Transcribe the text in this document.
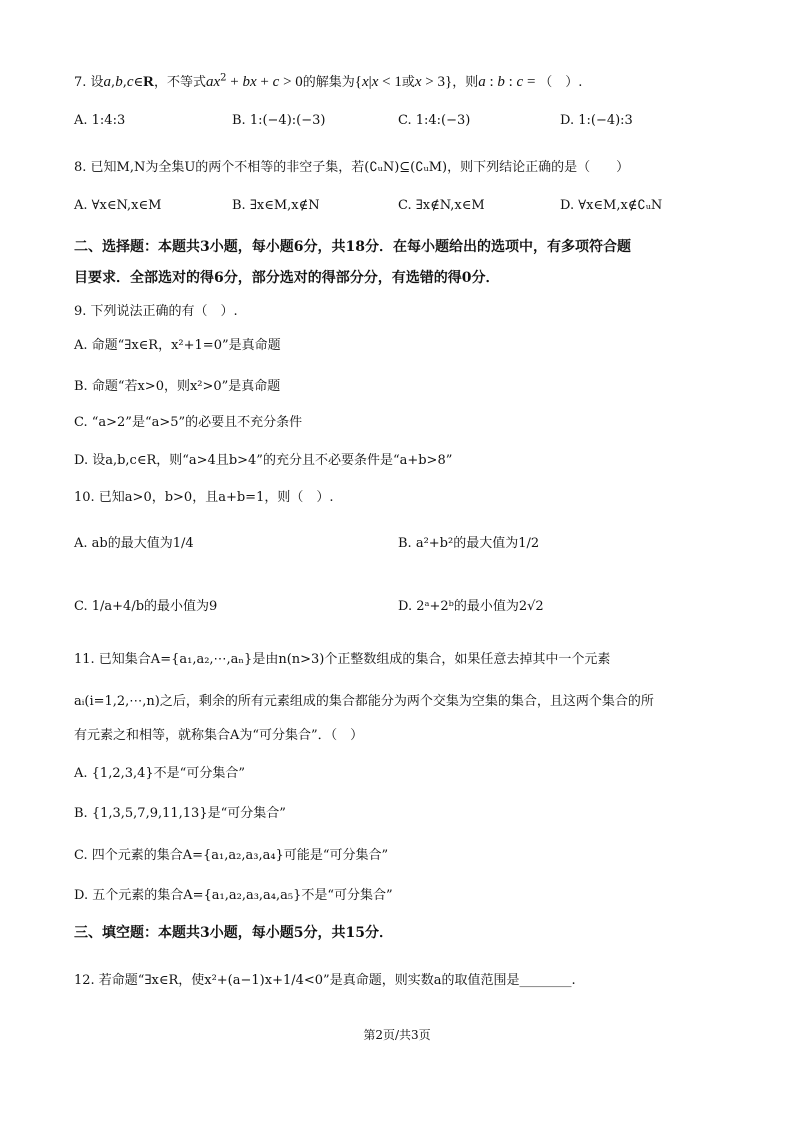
7. 设a,b,c∈R，不等式$ax^2$ + bx + c > 0的解集为{x|x < 1或x > 3}，则a : b : c = （　）.
A. 1:4:3	B. 1:(−4):(−3)	C. 1:4:(−3)	D. 1:(−4):3
8. 已知M,N为全集U的两个不相等的非空子集，若(∁ᵤN)⊆(∁ᵤM)，则下列结论正确的是（　　）
A. ∀x∈N,x∈M	B. ∃x∈M,x∉N	C. ∃x∉N,x∈M	D. ∀x∈M,x∉∁ᵤN
二、选择题：本题共3小题，每小题6分，共18分．在每小题给出的选项中，有多项符合题
目要求．全部选对的得6分，部分选对的得部分分，有选错的得0分．
9. 下列说法正确的有（　）.
A. 命题“∃x∈R，x²+1=0”是真命题
B. 命题“若x>0，则x²>0”是真命题
C. “a>2”是“a>5”的必要且不充分条件
D. 设a,b,c∈R，则“a>4且b>4”的充分且不必要条件是“a+b>8”
10. 已知a>0，b>0，且a+b=1，则（　）.
A. ab的最大值为1/4	B. a²+b²的最大值为1/2
C. 1/a+4/b的最小值为9	D. 2ᵃ+2ᵇ的最小值为2√2
11. 已知集合A={a₁,a₂,⋯,aₙ}是由n(n>3)个正整数组成的集合，如果任意去掉其中一个元素
aᵢ(i=1,2,⋯,n)之后，剩余的所有元素组成的集合都能分为两个交集为空集的集合，且这两个集合的所
有元素之和相等，就称集合A为“可分集合”．（　）
A. {1,2,3,4}不是“可分集合”
B. {1,3,5,7,9,11,13}是“可分集合”
C. 四个元素的集合A={a₁,a₂,a₃,a₄}可能是“可分集合”
D. 五个元素的集合A={a₁,a₂,a₃,a₄,a₅}不是“可分集合”
三、填空题：本题共3小题，每小题5分，共15分．
12. 若命题“∃x∈R，使x²+(a−1)x+1/4<0”是真命题，则实数a的取值范围是________.
第2页/共3页
